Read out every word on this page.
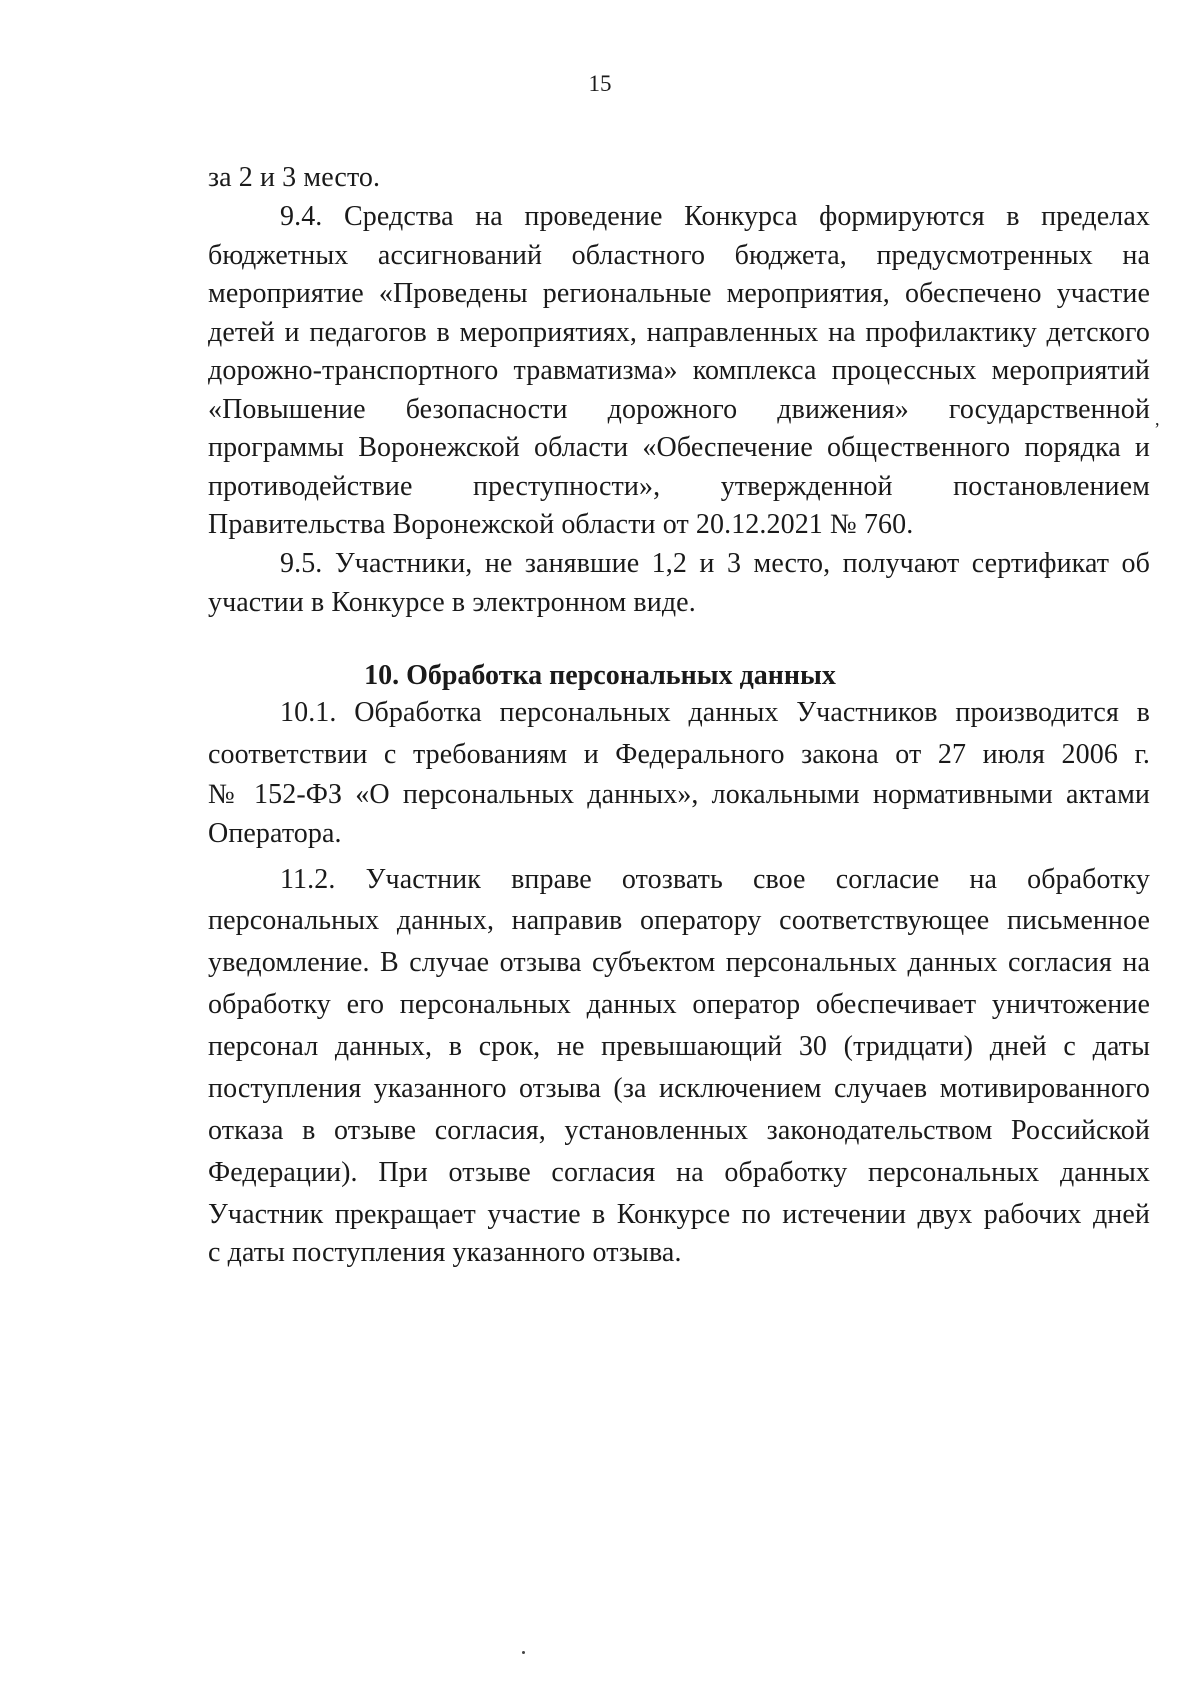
15
за 2 и 3 место.
9.4. Средства на проведение Конкурса формируются в пределах
бюджетных ассигнований областного бюджета, предусмотренных на
мероприятие «Проведены региональные мероприятия, обеспечено участие
детей и педагогов в мероприятиях, направленных на профилактику детского
дорожно-транспортного травматизма» комплекса процессных мероприятий
«Повышение безопасности дорожного движения» государственной
программы Воронежской области «Обеспечение общественного порядка и
противодействие преступности», утвержденной постановлением
Правительства Воронежской области от 20.12.2021 № 760.
9.5. Участники, не занявшие 1,2 и 3 место, получают сертификат об
участии в Конкурсе в электронном виде.
10. Обработка персональных данных
10.1. Обработка персональных данных Участников производится в
соответствии с требованиям и Федерального закона от 27 июля 2006 г.
№ 152-ФЗ «О персональных данных», локальными нормативными актами
Оператора.
11.2. Участник вправе отозвать свое согласие на обработку
персональных данных, направив оператору соответствующее письменное
уведомление. В случае отзыва субъектом персональных данных согласия на
обработку его персональных данных оператор обеспечивает уничтожение
персонал данных, в срок, не превышающий 30 (тридцати) дней с даты
поступления указанного отзыва (за исключением случаев мотивированного
отказа в отзыве согласия, установленных законодательством Российской
Федерации). При отзыве согласия на обработку персональных данных
Участник прекращает участие в Конкурсе по истечении двух рабочих дней
с даты поступления указанного отзыва.
,
